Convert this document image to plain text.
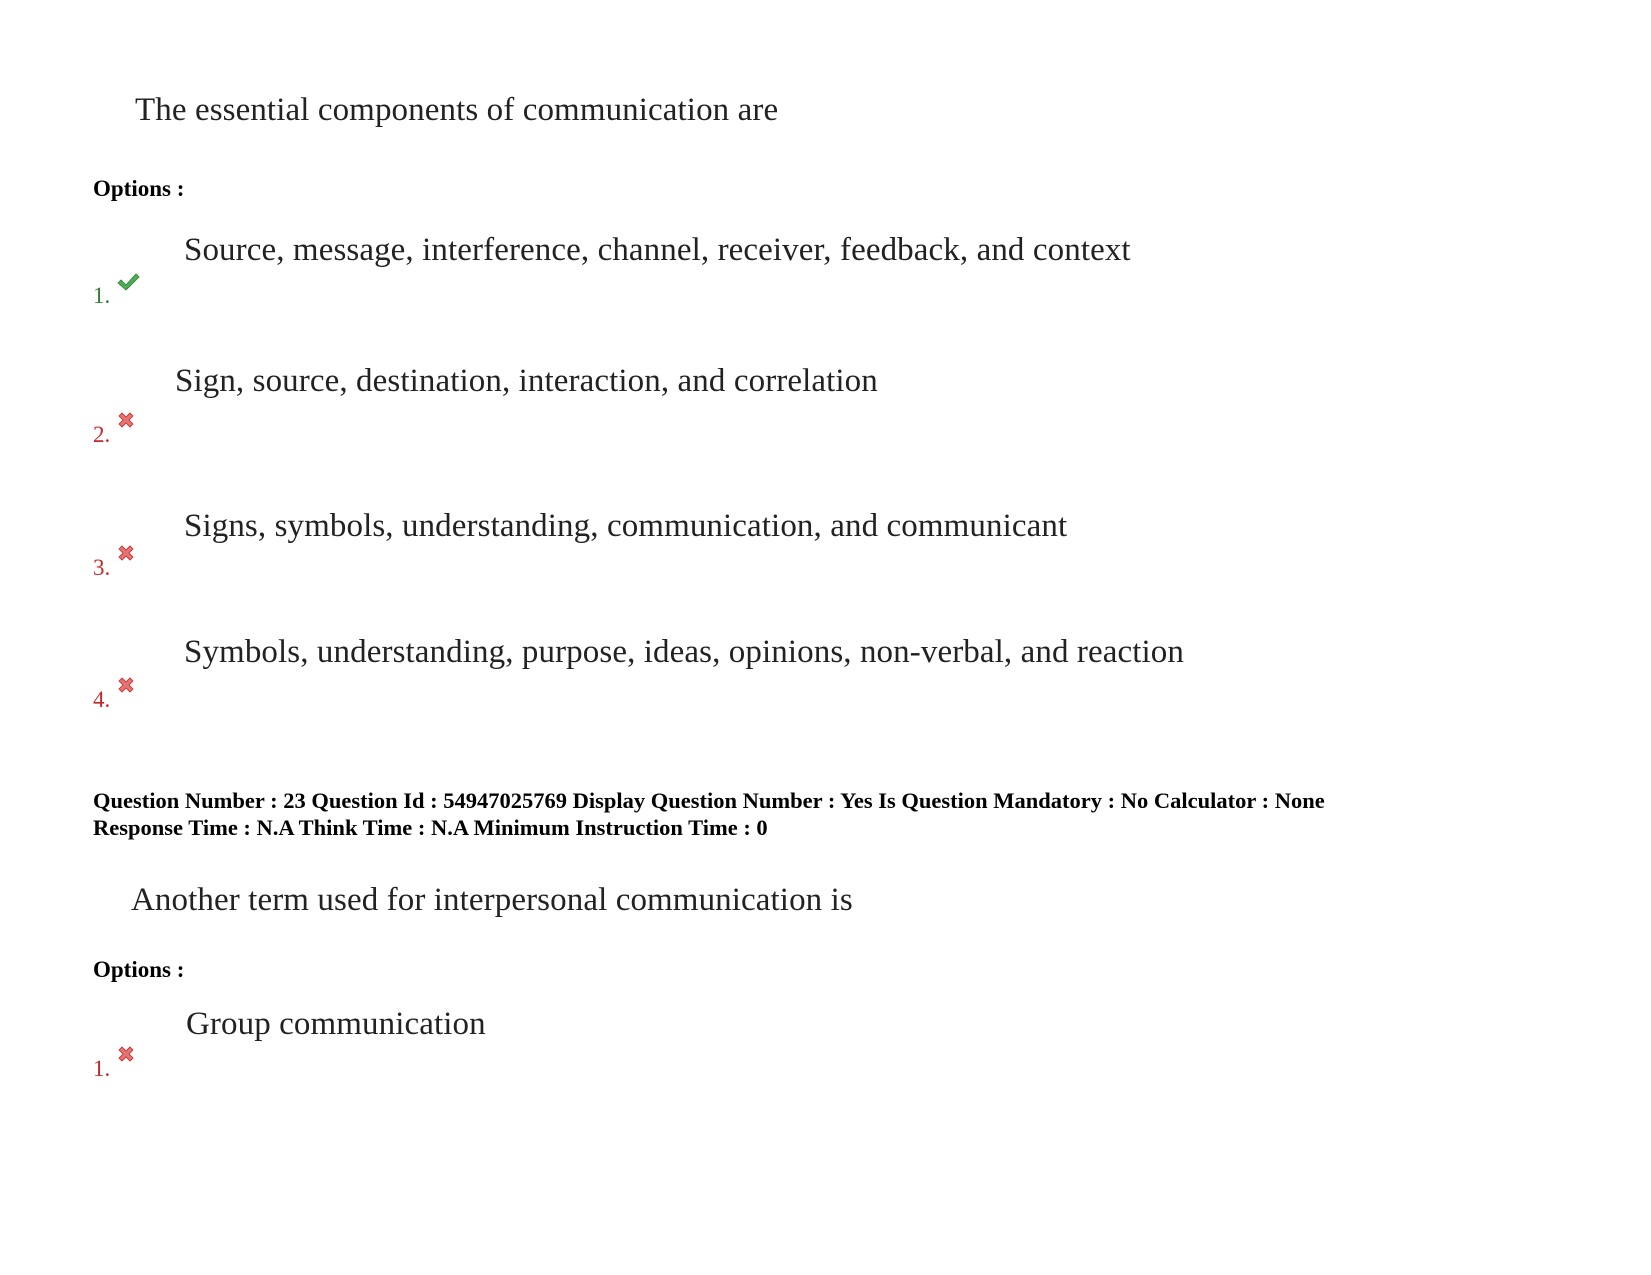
The essential components of communication are
Options :
Source, message, interference, channel, receiver, feedback, and context
1.
Sign, source, destination, interaction, and correlation
2.
Signs, symbols, understanding, communication, and communicant
3.
Symbols, understanding, purpose, ideas, opinions, non-verbal, and reaction
4.
Question Number : 23 Question Id : 54947025769 Display Question Number : Yes Is Question Mandatory : No Calculator : None
Response Time : N.A Think Time : N.A Minimum Instruction Time : 0
Another term used for interpersonal communication is
Options :
Group communication
1.
